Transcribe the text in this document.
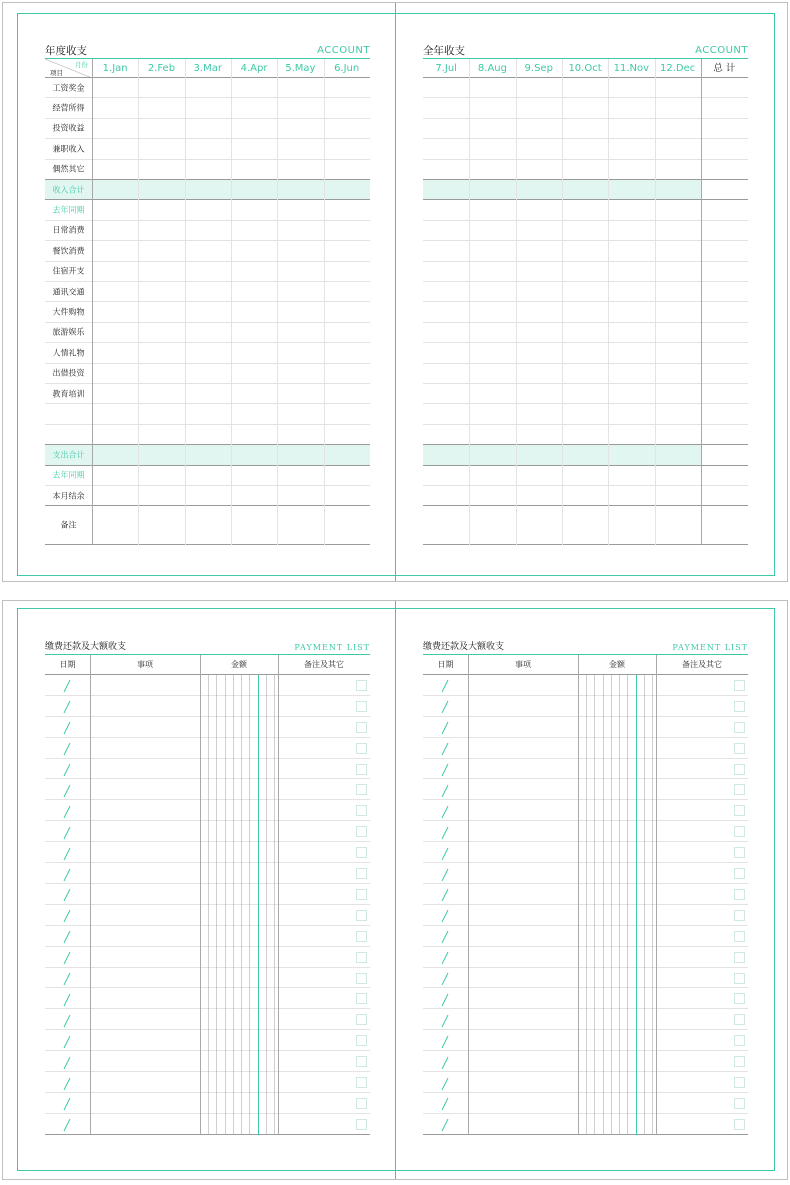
年度收支	ACCOUNT
月份
项目	1.Jan	2.Feb	3.Mar	4.Apr	5.May	6.Jun
工资奖金
经营所得
投资收益
兼职收入
偶然其它
收入合计
去年同期
日常消费
餐饮消费
住宿开支
通讯交通
大件购物
旅游娱乐
人情礼物
出借投资
教育培训
支出合计
去年同期
本月结余
备注
全年收支	ACCOUNT
7.Jul	8.Aug	9.Sep	10.Oct	11.Nov	12.Dec	总 计
缴费还款及大额收支	PAYMENT LIST
日期	事项	金额	备注及其它
缴费还款及大额收支	PAYMENT LIST
日期	事项	金额	备注及其它
